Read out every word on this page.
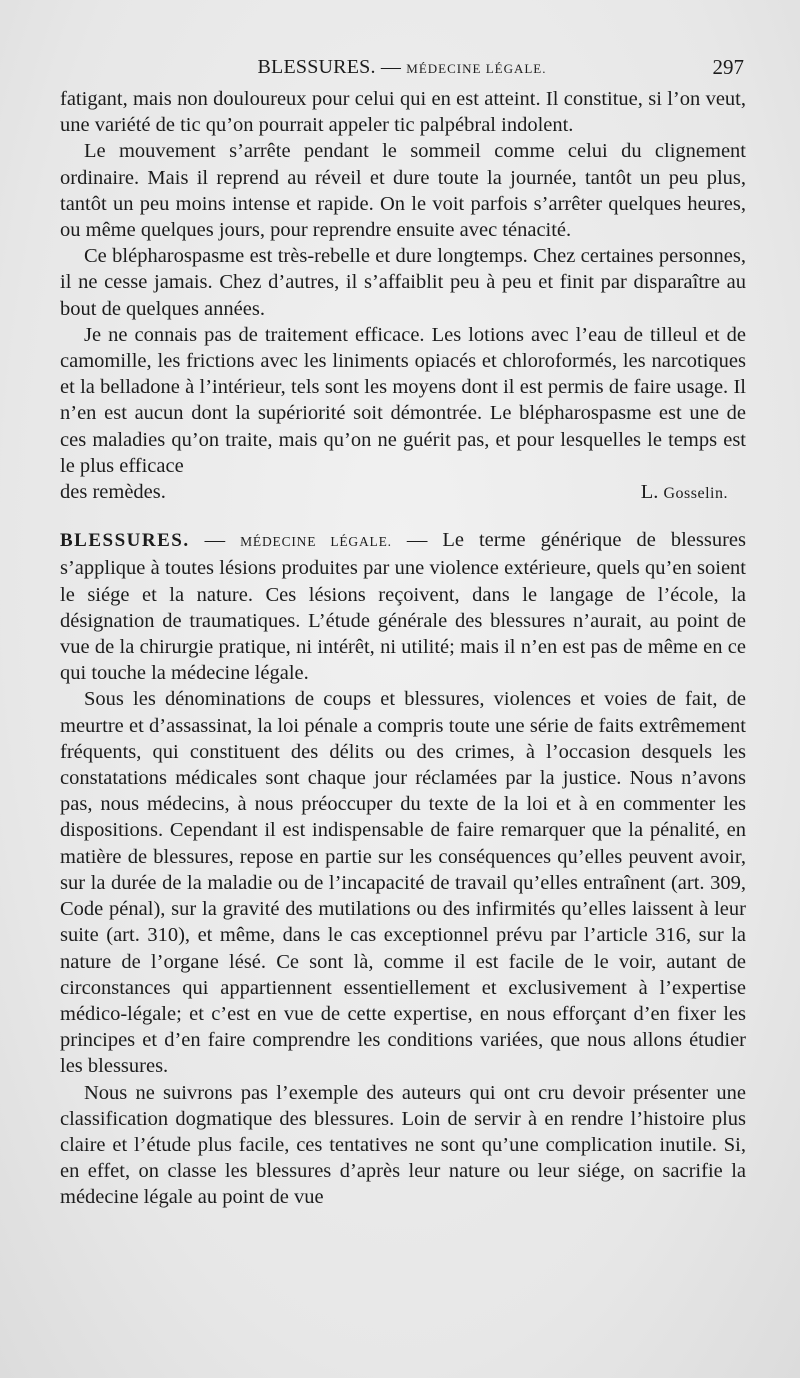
BLESSURES. — MÉDECINE LÉGALE.	297

fatigant, mais non douloureux pour celui qui en est atteint. Il constitue, si l’on veut, une variété de tic qu’on pourrait appeler tic palpébral indolent.

Le mouvement s’arrête pendant le sommeil comme celui du clignement ordinaire. Mais il reprend au réveil et dure toute la journée, tantôt un peu plus, tantôt un peu moins intense et rapide. On le voit parfois s’arrêter quelques heures, ou même quelques jours, pour reprendre ensuite avec ténacité.

Ce blépharospasme est très-rebelle et dure longtemps. Chez certaines personnes, il ne cesse jamais. Chez d’autres, il s’affaiblit peu à peu et finit par disparaître au bout de quelques années.

Je ne connais pas de traitement efficace. Les lotions avec l’eau de tilleul et de camomille, les frictions avec les liniments opiacés et chloroformés, les narcotiques et la belladone à l’intérieur, tels sont les moyens dont il est permis de faire usage. Il n’en est aucun dont la supériorité soit démontrée. Le blépharospasme est une de ces maladies qu’on traite, mais qu’on ne guérit pas, et pour lesquelles le temps est le plus efficace

des remèdes.	L. Gosselin.

BLESSURES. — MÉDECINE LÉGALE. — Le terme générique de blessures s’applique à toutes lésions produites par une violence extérieure, quels qu’en soient le siége et la nature. Ces lésions reçoivent, dans le langage de l’école, la désignation de traumatiques. L’étude générale des blessures n’aurait, au point de vue de la chirurgie pratique, ni intérêt, ni utilité; mais il n’en est pas de même en ce qui touche la médecine légale.

Sous les dénominations de coups et blessures, violences et voies de fait, de meurtre et d’assassinat, la loi pénale a compris toute une série de faits extrêmement fréquents, qui constituent des délits ou des crimes, à l’occasion desquels les constatations médicales sont chaque jour réclamées par la justice. Nous n’avons pas, nous médecins, à nous préoccuper du texte de la loi et à en commenter les dispositions. Cependant il est indispensable de faire remarquer que la pénalité, en matière de blessures, repose en partie sur les conséquences qu’elles peuvent avoir, sur la durée de la maladie ou de l’incapacité de travail qu’elles entraînent (art. 309, Code pénal), sur la gravité des mutilations ou des infirmités qu’elles laissent à leur suite (art. 310), et même, dans le cas exceptionnel prévu par l’article 316, sur la nature de l’organe lésé. Ce sont là, comme il est facile de le voir, autant de circonstances qui appartiennent essentiellement et exclusivement à l’expertise médico-légale; et c’est en vue de cette expertise, en nous efforçant d’en fixer les principes et d’en faire comprendre les conditions variées, que nous allons étudier les blessures.

Nous ne suivrons pas l’exemple des auteurs qui ont cru devoir présenter une classification dogmatique des blessures. Loin de servir à en rendre l’histoire plus claire et l’étude plus facile, ces tentatives ne sont qu’une complication inutile. Si, en effet, on classe les blessures d’après leur nature ou leur siége, on sacrifie la médecine légale au point de vue
